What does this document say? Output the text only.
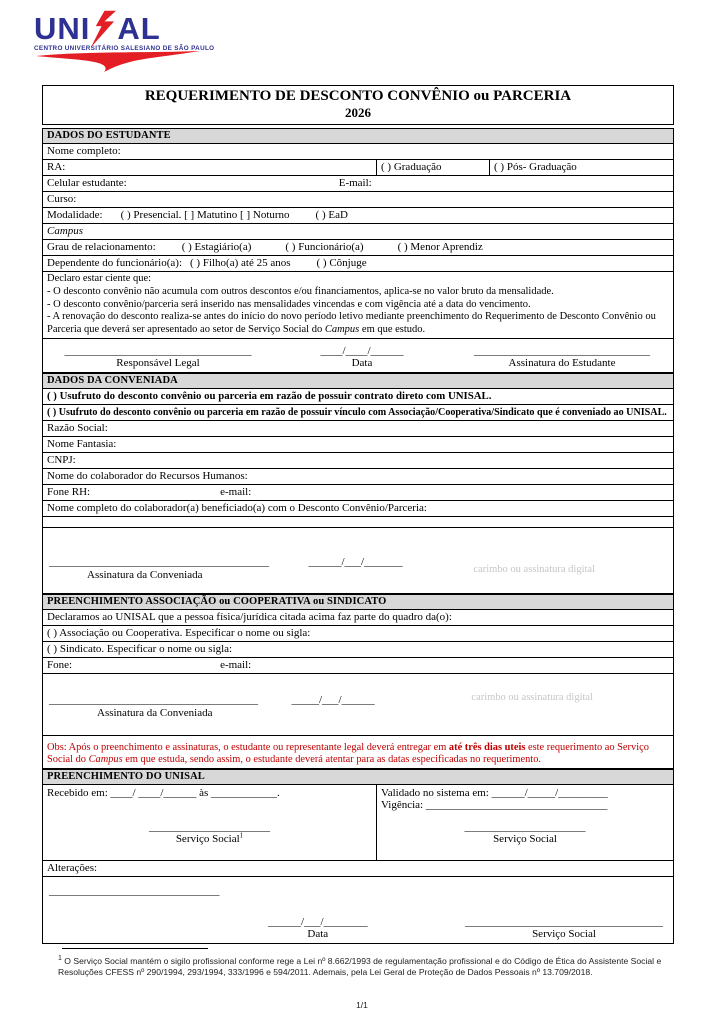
UNI AL
CENTRO UNIVERSITÁRIO SALESIANO DE SÃO PAULO
REQUERIMENTO DE DESCONTO CONVÊNIO ou PARCERIA
2026
DADOS DO ESTUDANTE
Nome completo:
RA:	( ) Graduação	( ) Pós- Graduação
Celular estudante:	E-mail:
Curso:
Modalidade: ( ) Presencial. [ ] Matutino [ ] Noturno ( ) EaD
Campus
Grau de relacionamento: ( ) Estagiário(a)	( ) Funcionário(a)	( ) Menor Aprendiz
Dependente do funcionário(a): ( ) Filho(a) até 25 anos ( ) Cônjuge
Declaro estar ciente que:
- O desconto convênio não acumula com outros descontos e/ou financiamentos, aplica-se no valor bruto da mensalidade.
- O desconto convênio/parceria será inserido nas mensalidades vincendas e com vigência até a data do vencimento.
- A renovação do desconto realiza-se antes do início do novo período letivo mediante preenchimento do Requerimento de Desconto Convênio ou Parceria que deverá ser apresentado ao setor de Serviço Social do Campus em que estudo.
__________________________________
Responsável Legal
____/____/______
Data
________________________________
Assinatura do Estudante
DADOS DA CONVENIADA
( ) Usufruto do desconto convênio ou parceria em razão de possuir contrato direto com UNISAL.
( ) Usufruto do desconto convênio ou parceria em razão de possuir vínculo com Associação/Cooperativa/Sindicato que é conveniado ao UNISAL.
Razão Social:
Nome Fantasia:
CNPJ:
Nome do colaborador do Recursos Humanos:
Fone RH:	e-mail:
Nome completo do colaborador(a) beneficiado(a) com o Desconto Convênio/Parceria:
________________________________________	______/___/_______
Assinatura da Conveniada	carimbo ou assinatura digital
PREENCHIMENTO ASSOCIAÇÃO ou COOPERATIVA ou SINDICATO
Declaramos ao UNISAL que a pessoa física/jurídica citada acima faz parte do quadro da(o):
( ) Associação ou Cooperativa. Especificar o nome ou sigla:
( ) Sindicato. Especificar o nome ou sigla:
Fone:	e-mail:
______________________________________	_____/___/______
Assinatura da Conveniada
carimbo ou assinatura digital
Obs: Após o preenchimento e assinaturas, o estudante ou representante legal deverá entregar em até três dias uteis este requerimento ao Serviço Social do Campus em que estuda, sendo assim, o estudante deverá atentar para as datas especificadas no requerimento.
PREENCHIMENTO DO UNISAL
Recebido em: ____/ ____/______ às ____________.
______________________
Serviço Social$^1$
Validado no sistema em: ______/_____/_________
Vigência: _________________________________
______________________
Serviço Social
Alterações:
_______________________________
______/___/________
Data
____________________________________
Serviço Social
$^1$ O Serviço Social mantém o sigilo profissional conforme rege a Lei nº 8.662/1993 de regulamentação profissional e do Código de Ética do Assistente Social e Resoluções CFESS nº 290/1994, 293/1994, 333/1996 e 594/2011. Ademais, pela Lei Geral de Proteção de Dados Pessoais nº 13.709/2018.
1/1
